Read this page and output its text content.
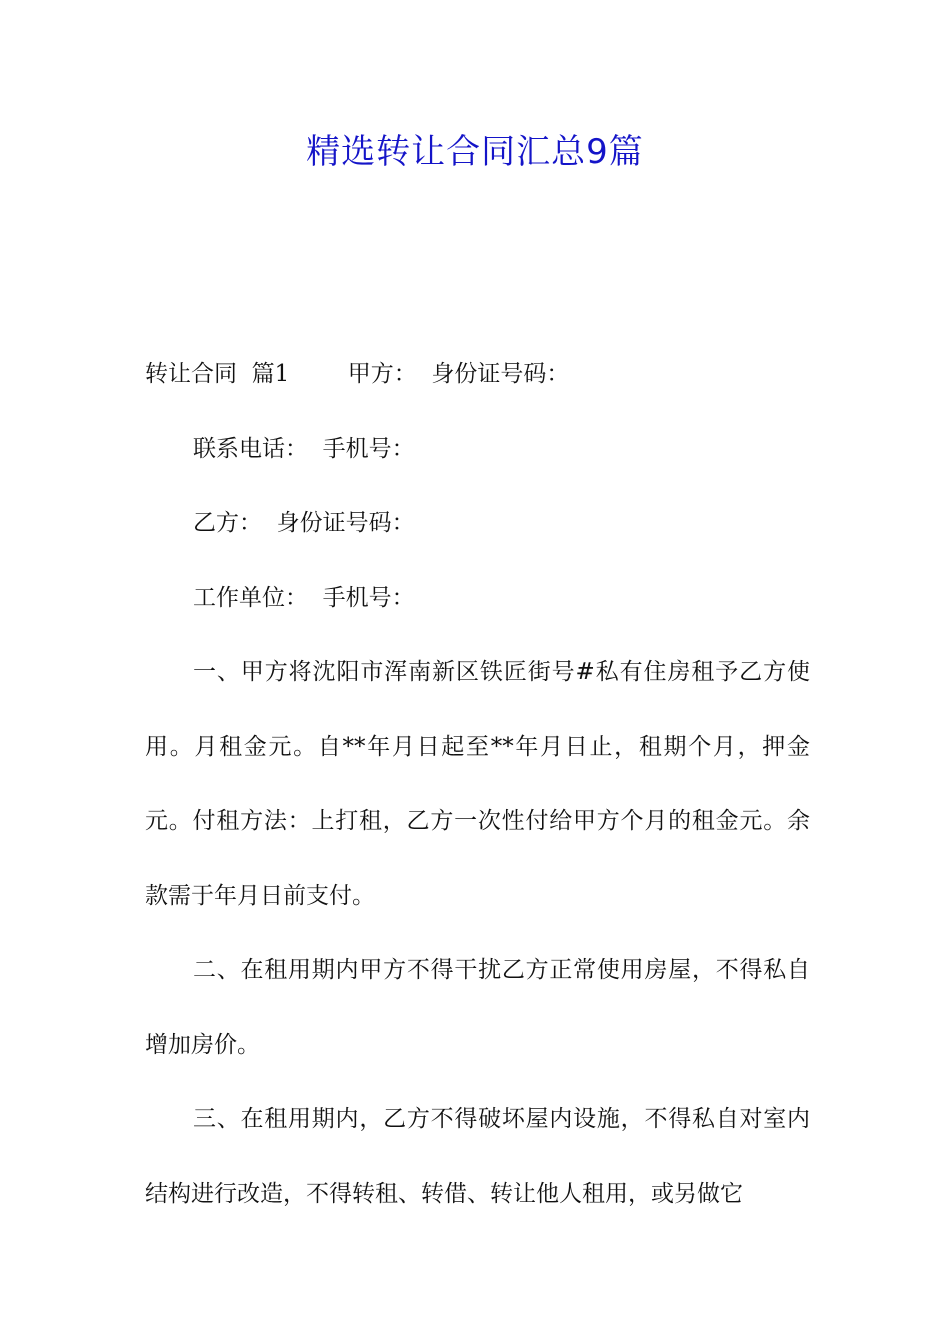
精选转让合同汇总9篇

转让合同  篇1        甲方：  身份证号码：

联系电话：  手机号：

乙方：  身份证号码：

工作单位：  手机号：

一、甲方将沈阳市浑南新区铁匠街号#私有住房租予乙方使用。月租金元。自**年月日起至**年月日止，租期个月，押金元。付租方法：上打租，乙方一次性付给甲方个月的租金元。余款需于年月日前支付。

二、在租用期内甲方不得干扰乙方正常使用房屋，不得私自增加房价。

三、在租用期内，乙方不得破坏屋内设施，不得私自对室内结构进行改造，不得转租、转借、转让他人租用，或另做它
